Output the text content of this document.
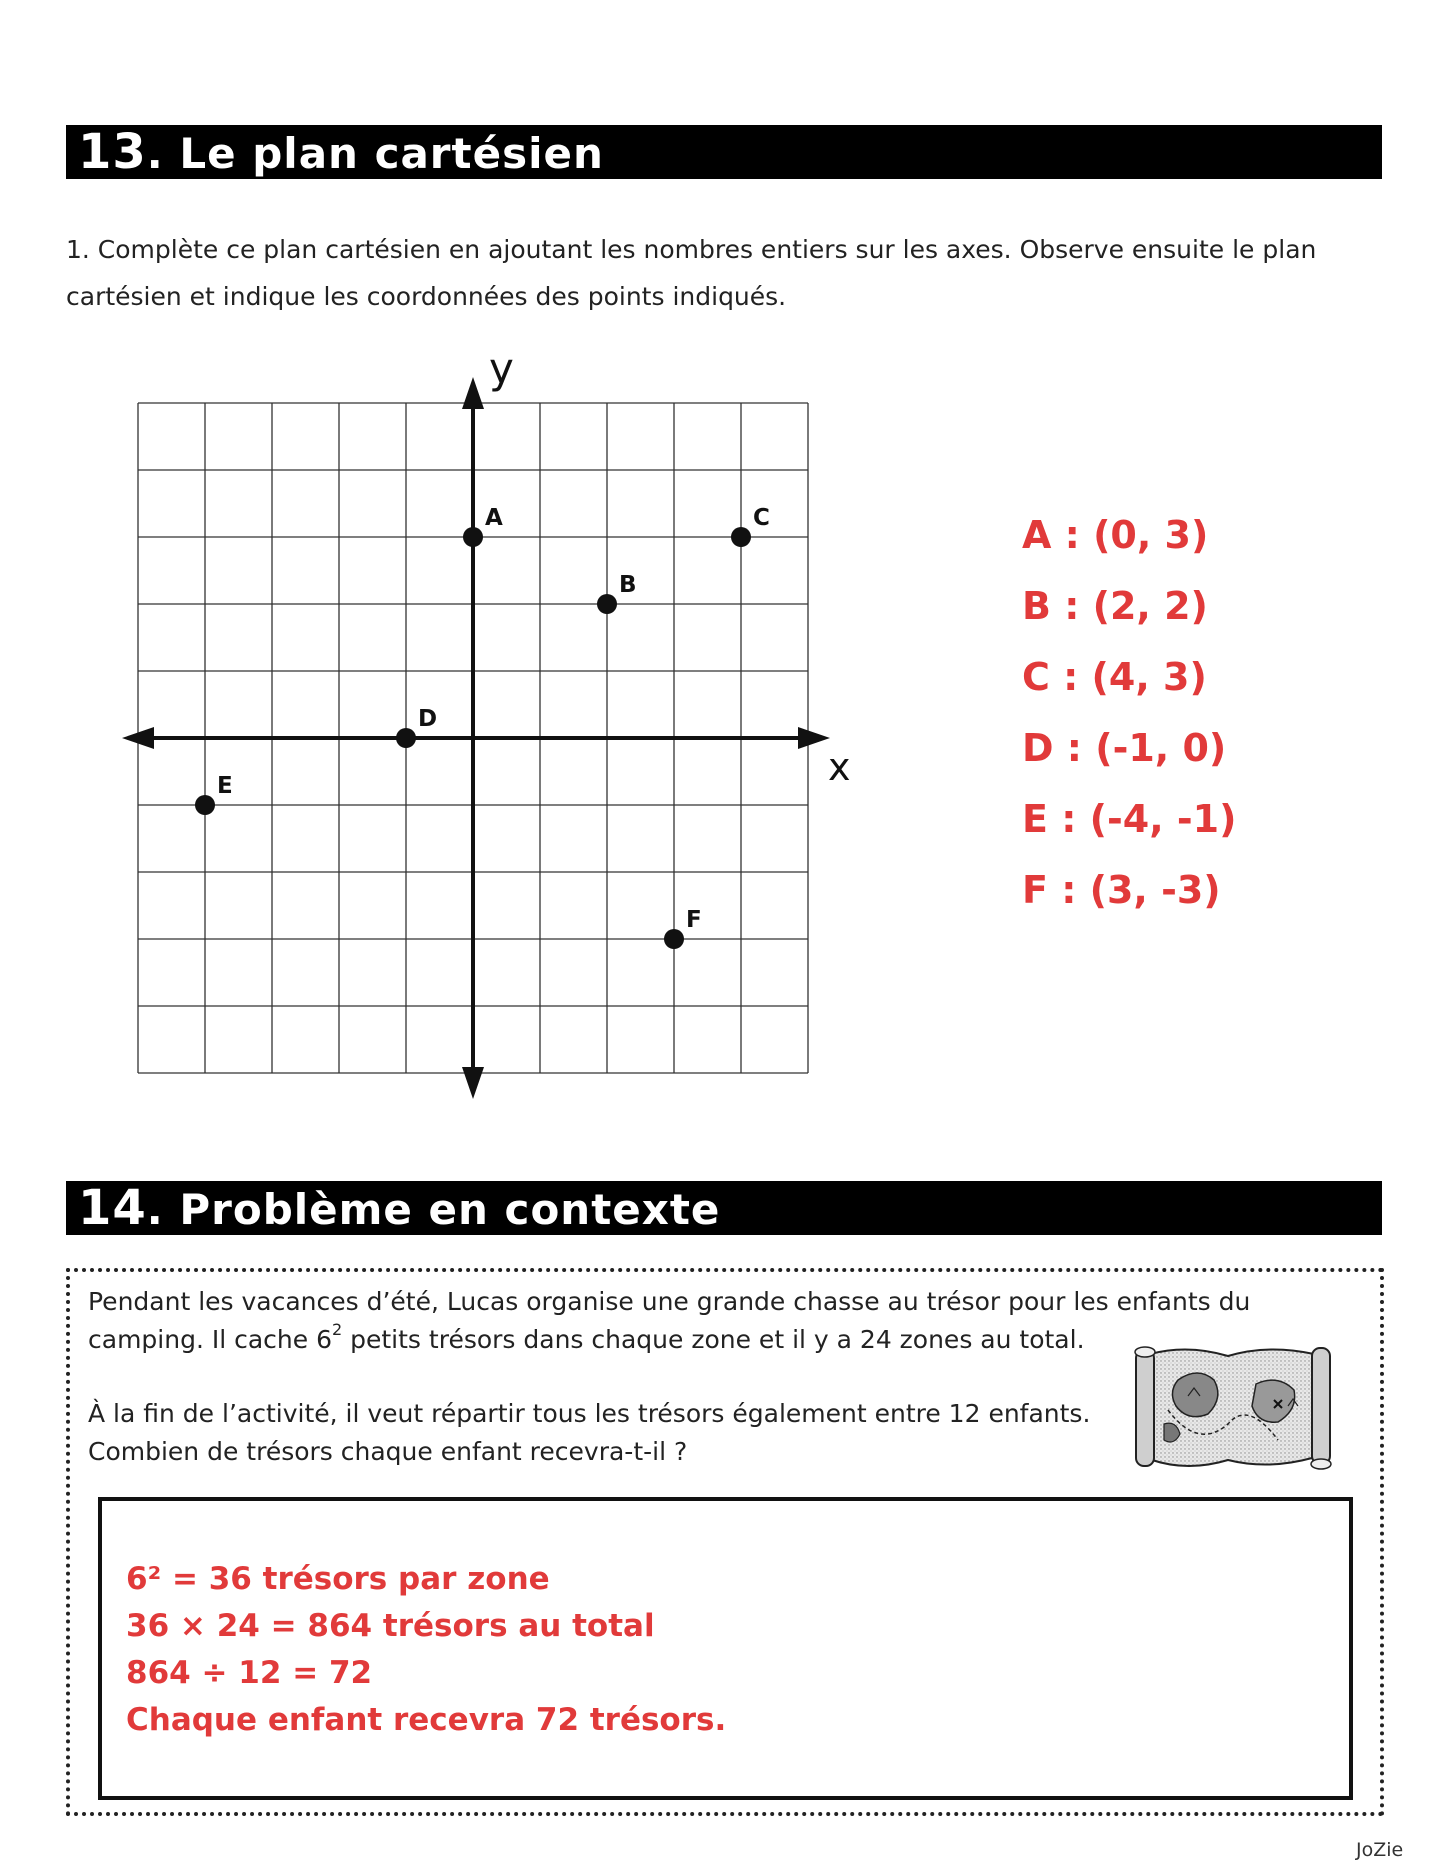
13. Le plan cartésien

1. Complète ce plan cartésien en ajoutant les nombres entiers sur les axes. Observe ensuite le plan

cartésien et indique les coordonnées des points indiqués.

x
y
A
B
C
D
E
F
A : (0, 3)
B : (2, 2)
C : (4, 3)
D : (-1, 0)
E : (-4, -1)
F : (3, -3)
14. Problème en contexte

Pendant les vacances d’été, Lucas organise une grande chasse au trésor pour les enfants du

camping. Il cache $6^2$ petits trésors dans chaque zone et il y a 24 zones au total.

À la fin de l’activité, il veut répartir tous les trésors également entre 12 enfants.

Combien de trésors chaque enfant recevra-t-il ?

6² = 36 trésors par zone
36 × 24 = 864 trésors au total
864 ÷ 12 = 72
Chaque enfant recevra 72 trésors.
JoZie
